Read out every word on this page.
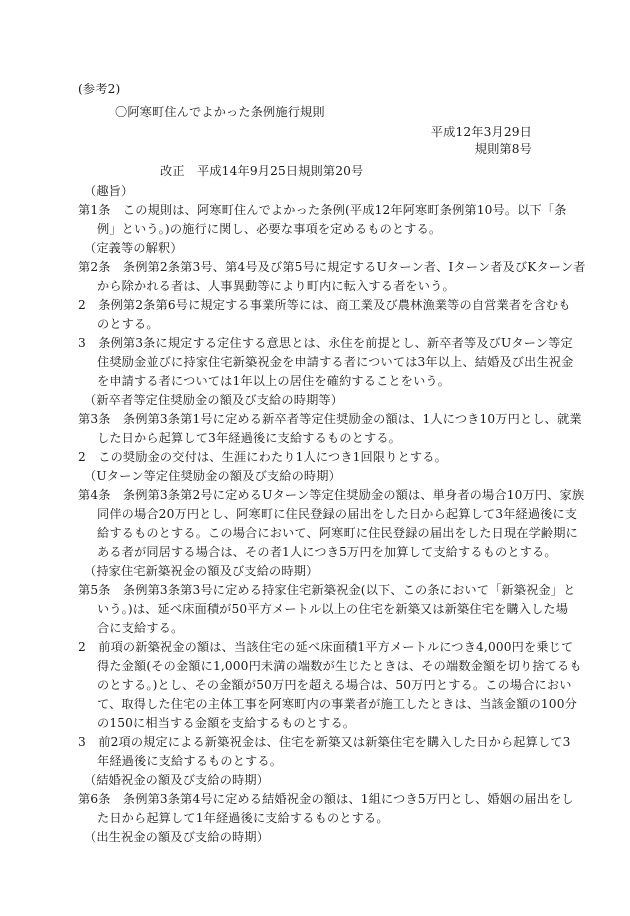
(参考2)
〇阿寒町住んでよかった条例施行規則
平成12年3月29日
規則第8号
改正　平成14年9月25日規則第20号
（趣旨）
第1条　この規則は、阿寒町住んでよかった条例(平成12年阿寒町条例第10号。以下「条
例」という。)の施行に関し、必要な事項を定めるものとする。
（定義等の解釈）
第2条　条例第2条第3号、第4号及び第5号に規定するUターン者、Iターン者及びKターン者
から除かれる者は、人事異動等により町内に転入する者をいう。
2　条例第2条第6号に規定する事業所等には、商工業及び農林漁業等の自営業者を含むも
のとする。
3　条例第3条に規定する定住する意思とは、永住を前提とし、新卒者等及びUターン等定
住奨励金並びに持家住宅新築祝金を申請する者については3年以上、結婚及び出生祝金
を申請する者については1年以上の居住を確約することをいう。
（新卒者等定住奨励金の額及び支給の時期等）
第3条　条例第3条第1号に定める新卒者等定住奨励金の額は、1人につき10万円とし、就業
した日から起算して3年経過後に支給するものとする。
2　この奨励金の交付は、生涯にわたり1人につき1回限りとする。
（Uターン等定住奨励金の額及び支給の時期）
第4条　条例第3条第2号に定めるUターン等定住奨励金の額は、単身者の場合10万円、家族
同伴の場合20万円とし、阿寒町に住民登録の届出をした日から起算して3年経過後に支
給するものとする。この場合において、阿寒町に住民登録の届出をした日現在学齢期に
ある者が同居する場合は、その者1人につき5万円を加算して支給するものとする。
（持家住宅新築祝金の額及び支給の時期）
第5条　条例第3条第3号に定める持家住宅新築祝金(以下、この条において「新築祝金」と
いう。)は、延べ床面積が50平方メートル以上の住宅を新築又は新築住宅を購入した場
合に支給する。
2　前項の新築祝金の額は、当該住宅の延べ床面積1平方メートルにつき4,000円を乗じて
得た金額(その金額に1,000円未満の端数が生じたときは、その端数金額を切り捨てるも
のとする。)とし、その金額が50万円を超える場合は、50万円とする。この場合におい
て、取得した住宅の主体工事を阿寒町内の事業者が施工したときは、当該金額の100分
の150に相当する金額を支給するものとする。
3　前2項の規定による新築祝金は、住宅を新築又は新築住宅を購入した日から起算して3
年経過後に支給するものとする。
（結婚祝金の額及び支給の時期）
第6条　条例第3条第4号に定める結婚祝金の額は、1組につき5万円とし、婚姻の届出をし
た日から起算して1年経過後に支給するものとする。
（出生祝金の額及び支給の時期）
